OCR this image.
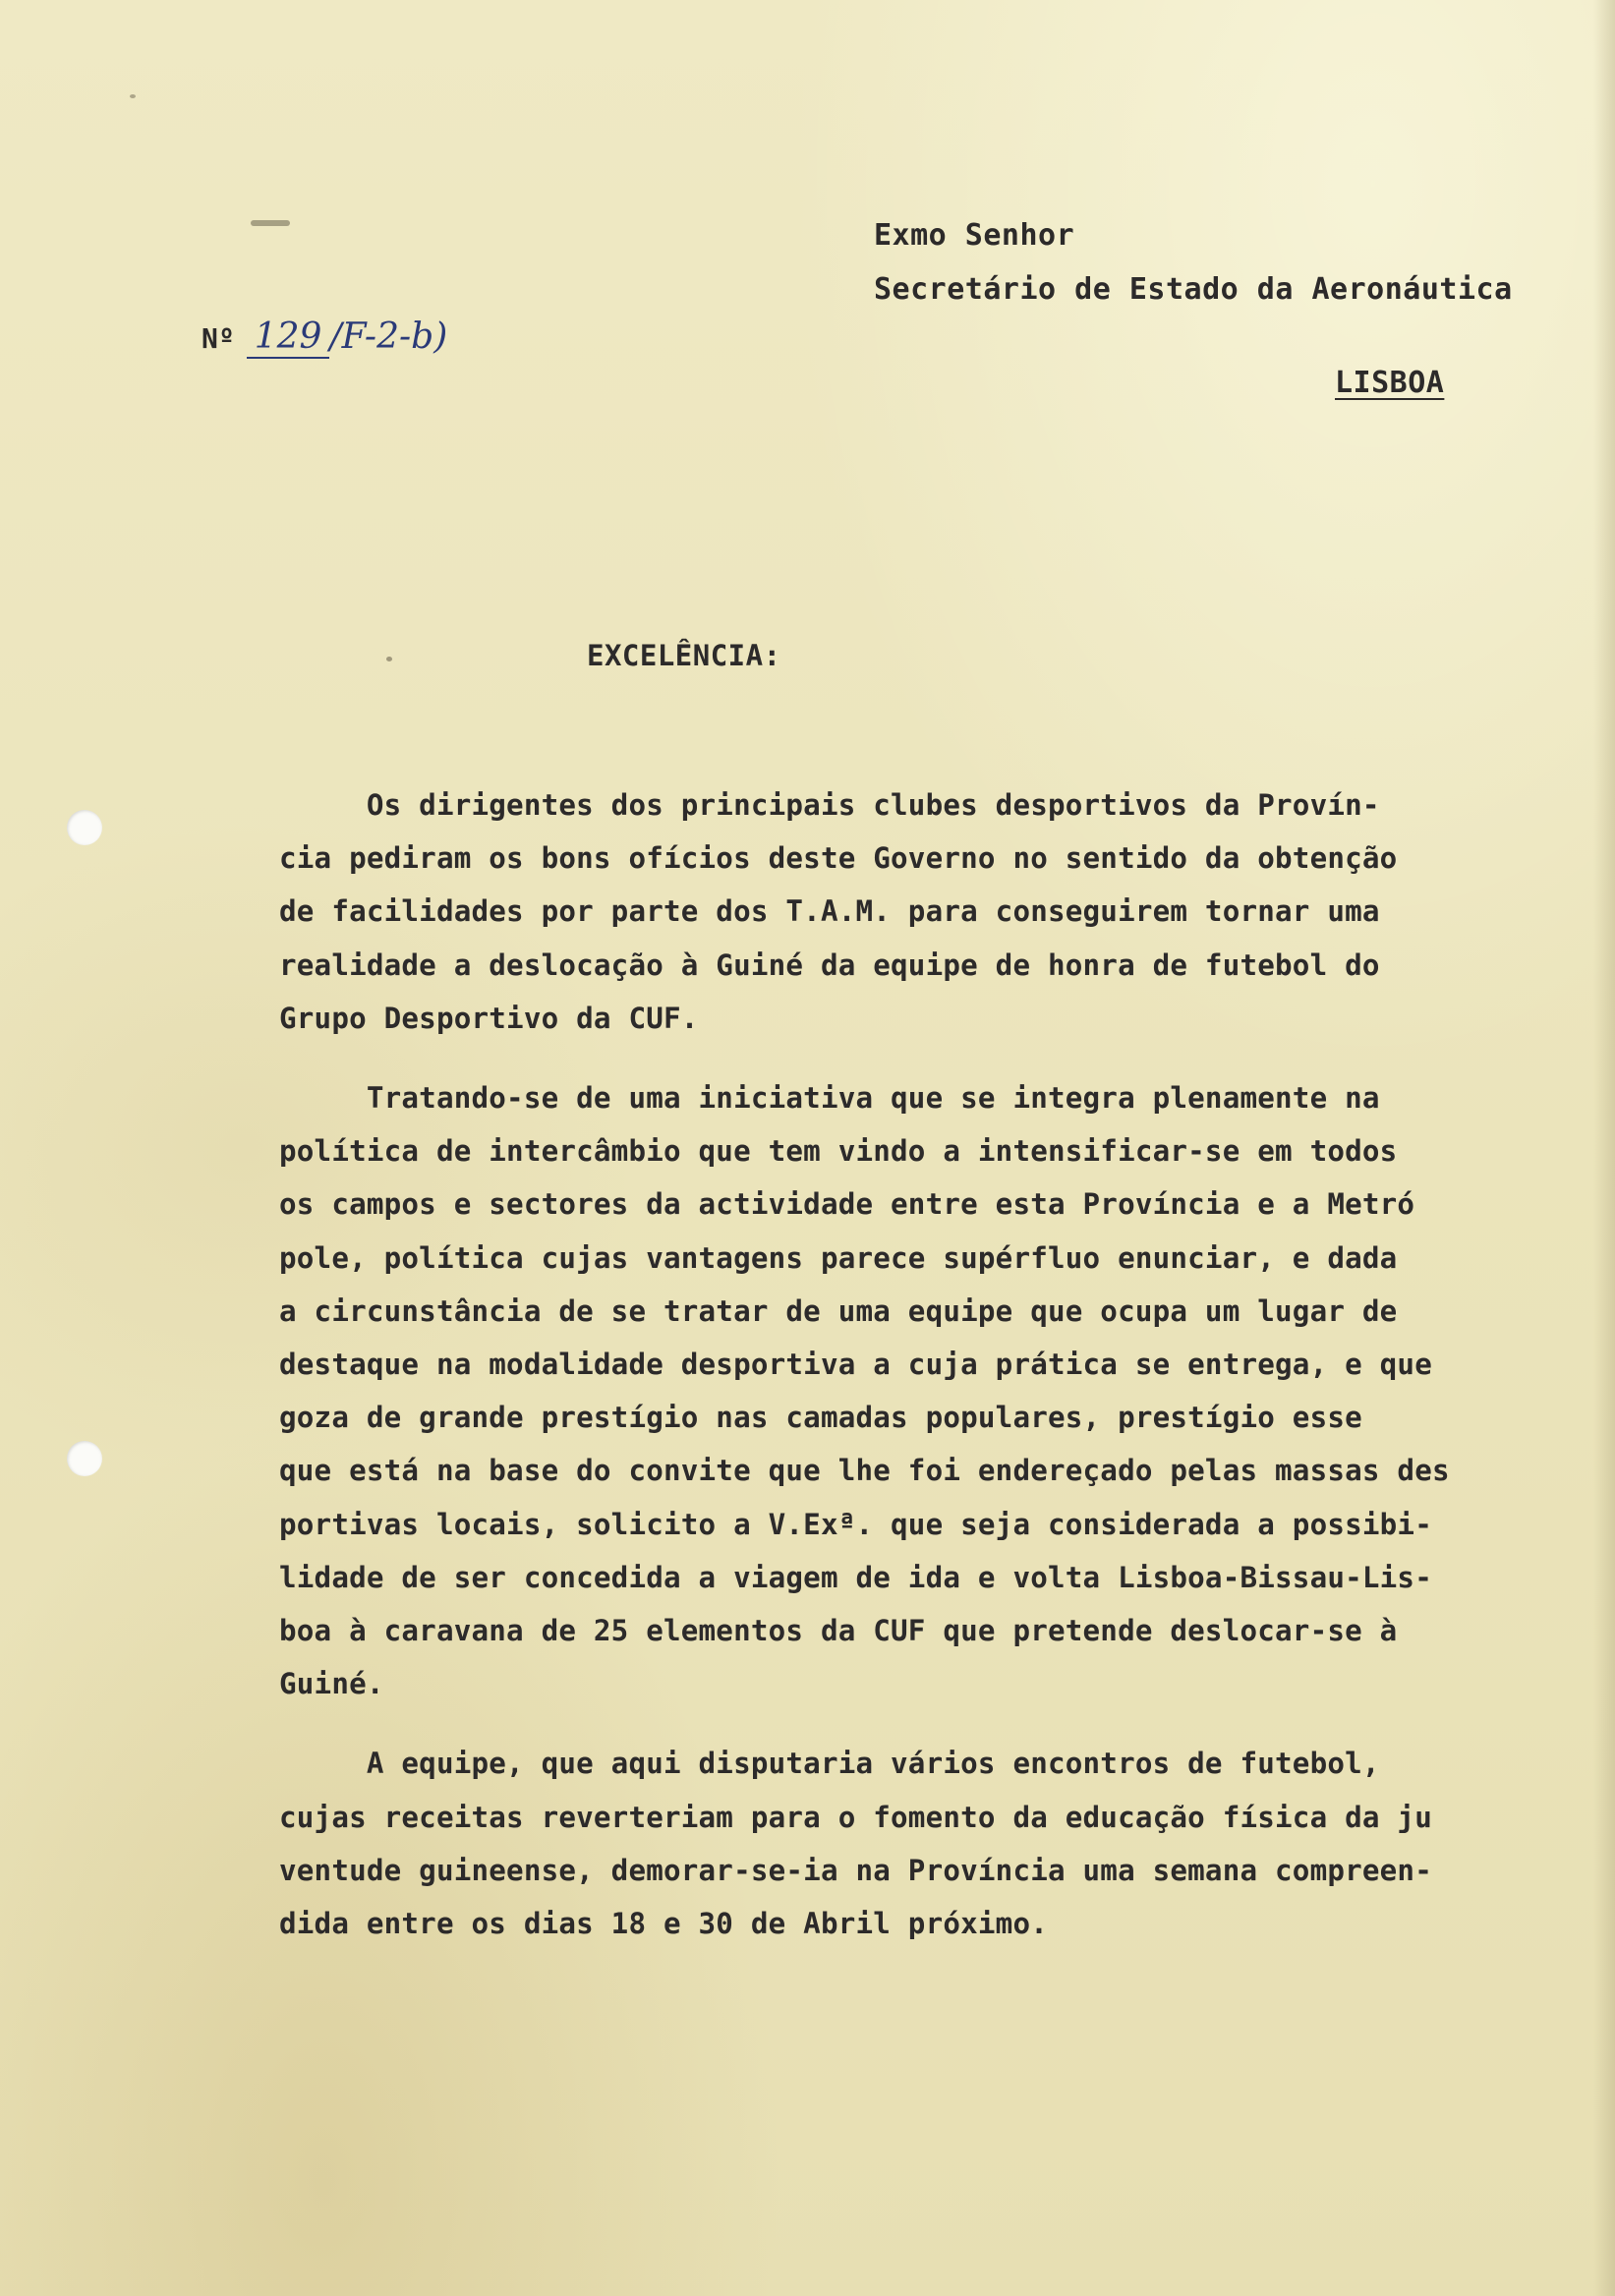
Exmo Senhor
Secretário de Estado da Aeronáutica
LISBOA
Nº 129 /F-2-b)
EXCELÊNCIA:
Os dirigentes dos principais clubes desportivos da Provín-
cia pediram os bons ofícios deste Governo no sentido da obtenção
de facilidades por parte dos T.A.M. para conseguirem tornar uma
realidade a deslocação à Guiné da equipe de honra de futebol do
Grupo Desportivo da CUF.
Tratando-se de uma iniciativa que se integra plenamente na
política de intercâmbio que tem vindo a intensificar-se em todos
os campos e sectores da actividade entre esta Província e a Metró
pole, política cujas vantagens parece supérfluo enunciar, e dada
a circunstância de se tratar de uma equipe que ocupa um lugar de
destaque na modalidade desportiva a cuja prática se entrega, e que
goza de grande prestígio nas camadas populares, prestígio esse
que está na base do convite que lhe foi endereçado pelas massas des
portivas locais, solicito a V.Exª. que seja considerada a possibi-
lidade de ser concedida a viagem de ida e volta Lisboa-Bissau-Lis-
boa à caravana de 25 elementos da CUF que pretende deslocar-se à
Guiné.
A equipe, que aqui disputaria vários encontros de futebol,
cujas receitas reverteriam para o fomento da educação física da ju
ventude guineense, demorar-se-ia na Província uma semana compreen-
dida entre os dias 18 e 30 de Abril próximo.
